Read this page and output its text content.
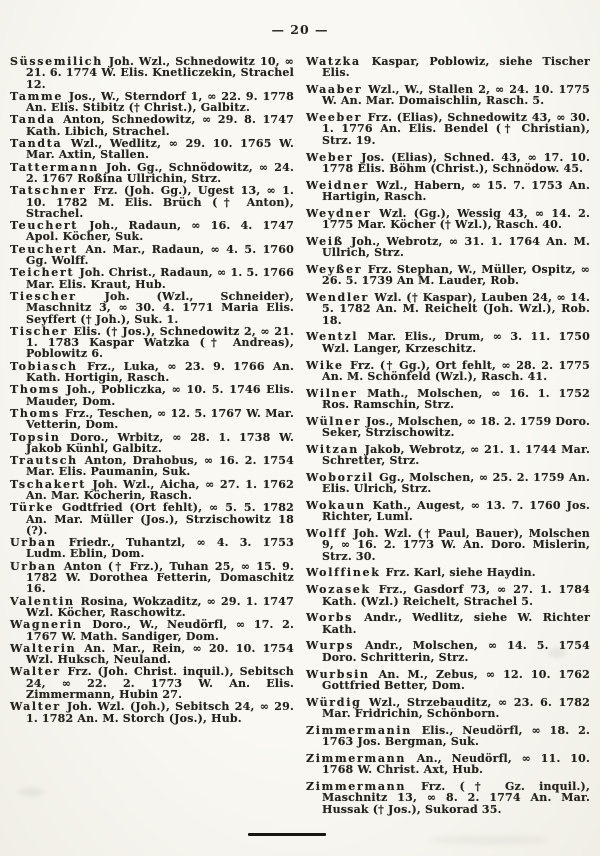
— 20 —

Süssemilich Joh. Wzl., Schnedowitz 10, ∞ 21. 6. 1774 W. Elis. Knetliczekin, Strachel 12.

Tamme Jos., W., Sterndorf 1, ∞ 22. 9. 1778 An. Elis. Stibitz († Christ.), Galbitz.

Tanda Anton, Schnedowitz, ∞ 29. 8. 1747 Kath. Libich, Strachel.

Tandta Wzl., Wedlitz, ∞ 29. 10. 1765 W. Mar. Axtin, Stallen.

Tattermann Joh. Gg., Schnödowitz, ∞ 24. 2. 1767 Roßina Ullrichin, Strz.

Tatschner Frz. (Joh. Gg.), Ugest 13, ∞ 1. 10. 1782 M. Elis. Brüch († Anton), Strachel.

Teuchert Joh., Radaun, ∞ 16. 4. 1747 Apol. Köcher, Suk.

Teuchert An. Mar., Radaun, ∞ 4. 5. 1760 Gg. Wolff.

Teichert Joh. Christ., Radaun, ∞ 1. 5. 1766 Mar. Elis. Kraut, Hub.

Tiescher Joh. (Wzl., Schneider), Maschnitz 3, ∞ 30. 4. 1771 Maria Elis. Seyffert († Joh.), Suk. 1.

Tischer Elis. († Jos.), Schnedowitz 2, ∞ 21. 1. 1783 Kaspar Watzka († Andreas), Poblowitz 6.

Tobiasch Frz., Luka, ∞ 23. 9. 1766 An. Kath. Hortigin, Rasch.

Thoms Joh., Pobliczka, ∞ 10. 5. 1746 Elis. Mauder, Dom.

Thoms Frz., Teschen, ∞ 12. 5. 1767 W. Mar. Vetterin, Dom.

Topsin Doro., Wrbitz, ∞ 28. 1. 1738 W. Jakob Künhl, Galbitz.

Trautsch Anton, Drahobus, ∞ 16. 2. 1754 Mar. Elis. Paumanin, Suk.

Tschakert Joh. Wzl., Aicha, ∞ 27. 1. 1762 An. Mar. Köcherin, Rasch.

Türke Godtfried (Ort fehlt), ∞ 5. 5. 1782 An. Mar. Müller (Jos.), Strzischowitz 18 (?).

Urban Friedr., Tuhantzl, ∞ 4. 3. 1753 Ludm. Eblin, Dom.

Urban Anton († Frz.), Tuhan 25, ∞ 15. 9. 1782 W. Dorothea Fetterin, Domaschitz 16.

Valentin Rosina, Wokzaditz, ∞ 29. 1. 1747 Wzl. Köcher, Raschowitz.

Wagnerin Doro., W., Neudörfl, ∞ 17. 2. 1767 W. Math. Sandiger, Dom.

Walterin An. Mar., Rein, ∞ 20. 10. 1754 Wzl. Huksch, Neuland.

Walter Frz. (Joh. Christ. inquil.), Sebitsch 24, ∞ 22. 2. 1773 W. An. Elis. Zimmermann, Hubin 27.

Walter Joh. Wzl. (Joh.), Sebitsch 24, ∞ 29. 1. 1782 An. M. Storch (Jos.), Hub.

Watzka Kaspar, Poblowiz, siehe Tischer Elis.

Waaber Wzl., W., Stallen 2, ∞ 24. 10. 1775 W. An. Mar. Domaischlin, Rasch. 5.

Weeber Frz. (Elias), Schnedowitz 43, ∞ 30. 1. 1776 An. Elis. Bendel († Christian), Strz. 19.

Weber Jos. (Elias), Schned. 43, ∞ 17. 10. 1778 Elis. Böhm (Christ.), Schnödow. 45.

Weidner Wzl., Habern, ∞ 15. 7. 1753 An. Hartigin, Rasch.

Weydner Wzl. (Gg.), Wessig 43, ∞ 14. 2. 1775 Mar. Köcher († Wzl.), Rasch. 40.

Weiß Joh., Webrotz, ∞ 31. 1. 1764 An. M. Ullrich, Strz.

Weyßer Frz. Stephan, W., Müller, Ospitz, ∞ 26. 5. 1739 An M. Lauder, Rob.

Wendler Wzl. († Kaspar), Lauben 24, ∞ 14. 5. 1782 An. M. Reichelt (Joh. Wzl.), Rob. 18.

Wentzl Mar. Elis., Drum, ∞ 3. 11. 1750 Wzl. Langer, Krzeschitz.

Wike Frz. († Gg.), Ort fehlt, ∞ 28. 2. 1775 An. M. Schönfeld (Wzl.), Rasch. 41.

Wilner Math., Molschen, ∞ 16. 1. 1752 Ros. Ramschin, Strz.

Wülner Jos., Molschen, ∞ 18. 2. 1759 Doro. Seker, Strzischowitz.

Witzan Jakob, Webrotz, ∞ 21. 1. 1744 Mar. Schretter, Strz.

Woborzil Gg., Molschen, ∞ 25. 2. 1759 An. Elis. Ulrich, Strz.

Wokaun Kath., Augest, ∞ 13. 7. 1760 Jos. Richter, Luml.

Wolff Joh. Wzl. († Paul, Bauer), Molschen 9, ∞ 16. 2. 1773 W. An. Doro. Mislerin, Strz. 30.

Wolffinek Frz. Karl, siehe Haydin.

Wozasek Frz., Gasdorf 73, ∞ 27. 1. 1784 Kath. (Wzl.) Reichelt, Strachel 5.

Worbs Andr., Wedlitz, siehe W. Richter Kath.

Wurps Andr., Molschen, ∞ 14. 5. 1754 Doro. Schritterin, Strz.

Wurbsin An. M., Zebus, ∞ 12. 10. 1762 Gottfried Better, Dom.

Würdig Wzl., Strzebauditz, ∞ 23. 6. 1782 Mar. Fridrichin, Schönborn.

Zimmermanin Elis., Neudörfl, ∞ 18. 2. 1763 Jos. Bergman, Suk.

Zimmermann An., Neudörfl, ∞ 11. 10. 1768 W. Christ. Axt, Hub.

Zimmermann Frz. († Gz. inquil.), Maschnitz 13, ∞ 8. 2. 1774 An. Mar. Hussak († Jos.), Sukorad 35.
